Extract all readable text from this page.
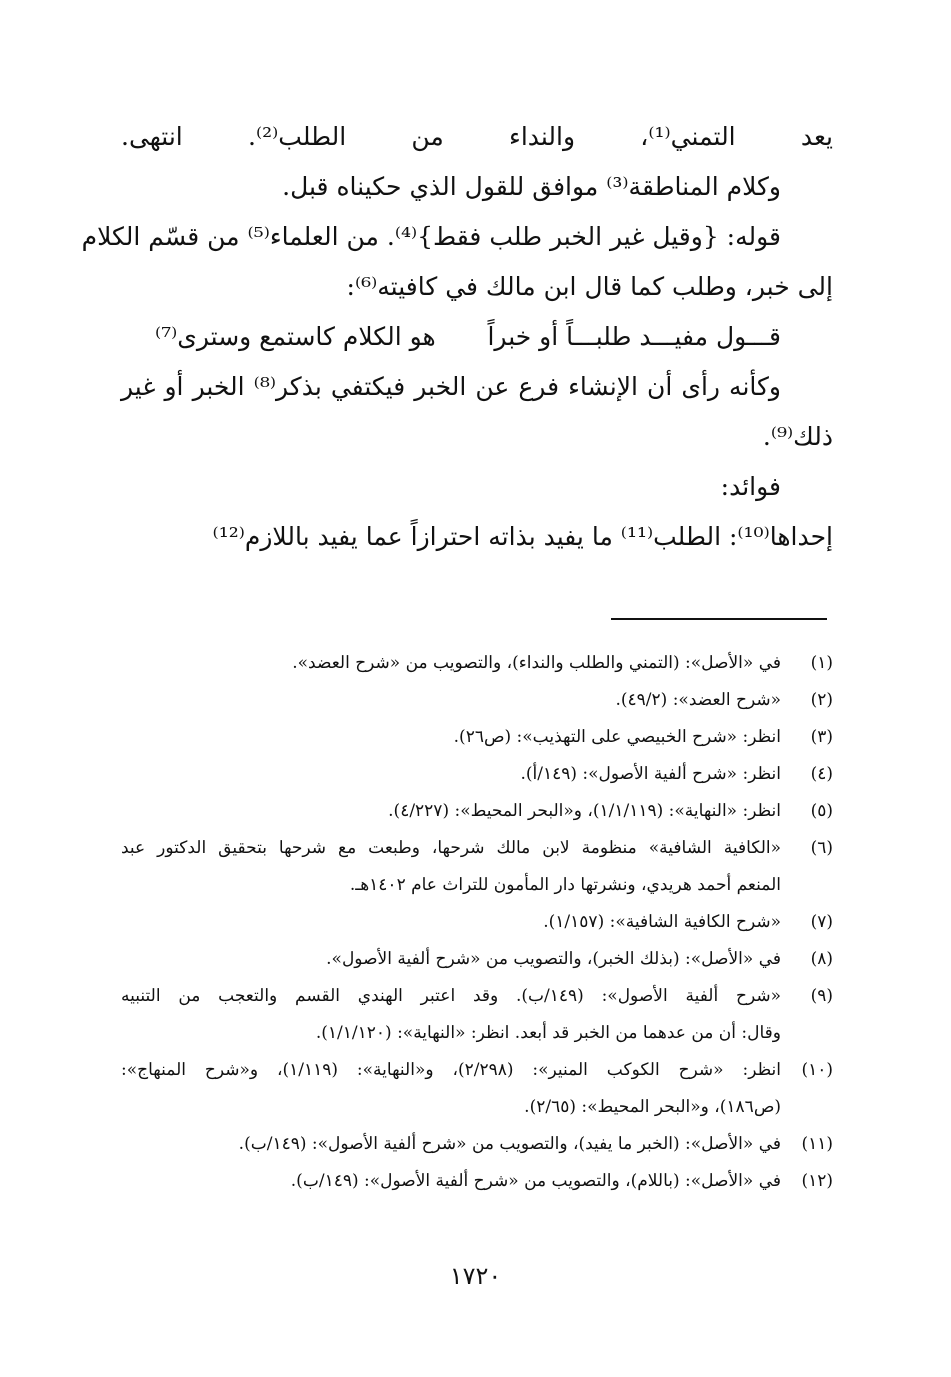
يعد التمني⁽¹⁾، والنداء من الطلب⁽²⁾. انتهى.
وكلام المناطقة⁽³⁾ موافق للقول الذي حكيناه قبل.
قوله: {وقيل غير الخبر طلب فقط}⁽⁴⁾. من العلماء⁽⁵⁾ من قسّم الكلام
إلى خبر، وطلب كما قال ابن مالك في كافيته⁽⁶⁾:
قـــول مفيـــد طلبـــاً أو خبراً
هو الكلام كاستمع وسترى⁽⁷⁾
وكأنه رأى أن الإنشاء فرع عن الخبر فيكتفي بذكر⁽⁸⁾ الخبر أو غير
ذلك⁽⁹⁾.
فوائد:
إحداها⁽¹⁰⁾: الطلب⁽¹¹⁾ ما يفيد بذاته احترازاً عما يفيد باللازم⁽¹²⁾
(١)
في «الأصل»: (التمني والطلب والنداء)، والتصويب من «شرح العضد».
(٢)
«شرح العضد»: (٤٩/٢).
(٣)
انظر: «شرح الخبيصي على التهذيب»: (ص٢٦).
(٤)
انظر: «شرح ألفية الأصول»: (١٤٩/أ).
(٥)
انظر: «النهاية»: (١/١/١١٩)، و«البحر المحيط»: (٤/٢٢٧).
(٦)
«الكافية الشافية» منظومة لابن مالك شرحها، وطبعت مع شرحها بتحقيق الدكتور عبد
المنعم أحمد هريدي، ونشرتها دار المأمون للتراث عام ١٤٠٢هـ.
(٧)
«شرح الكافية الشافية»: (١/١٥٧).
(٨)
في «الأصل»: (بذلك الخبر)، والتصويب من «شرح ألفية الأصول».
(٩)
«شرح ألفية الأصول»: (١٤٩/ب). وقد اعتبر الهندي القسم والتعجب من التنبيه
وقال: أن من عدهما من الخبر قد أبعد. انظر: «النهاية»: (١/١/١٢٠).
(١٠)
انظر: «شرح الكوكب المنير»: (٢/٢٩٨)، و«النهاية»: (١/١١٩)، و«شرح المنهاج»:
(ص١٨٦)، و«البحر المحيط»: (٢/٦٥).
(١١)
في «الأصل»: (الخبر ما يفيد)، والتصويب من «شرح ألفية الأصول»: (١٤٩/ب).
(١٢)
في «الأصل»: (باللام)، والتصويب من «شرح ألفية الأصول»: (١٤٩/ب).
١٧٢٠
